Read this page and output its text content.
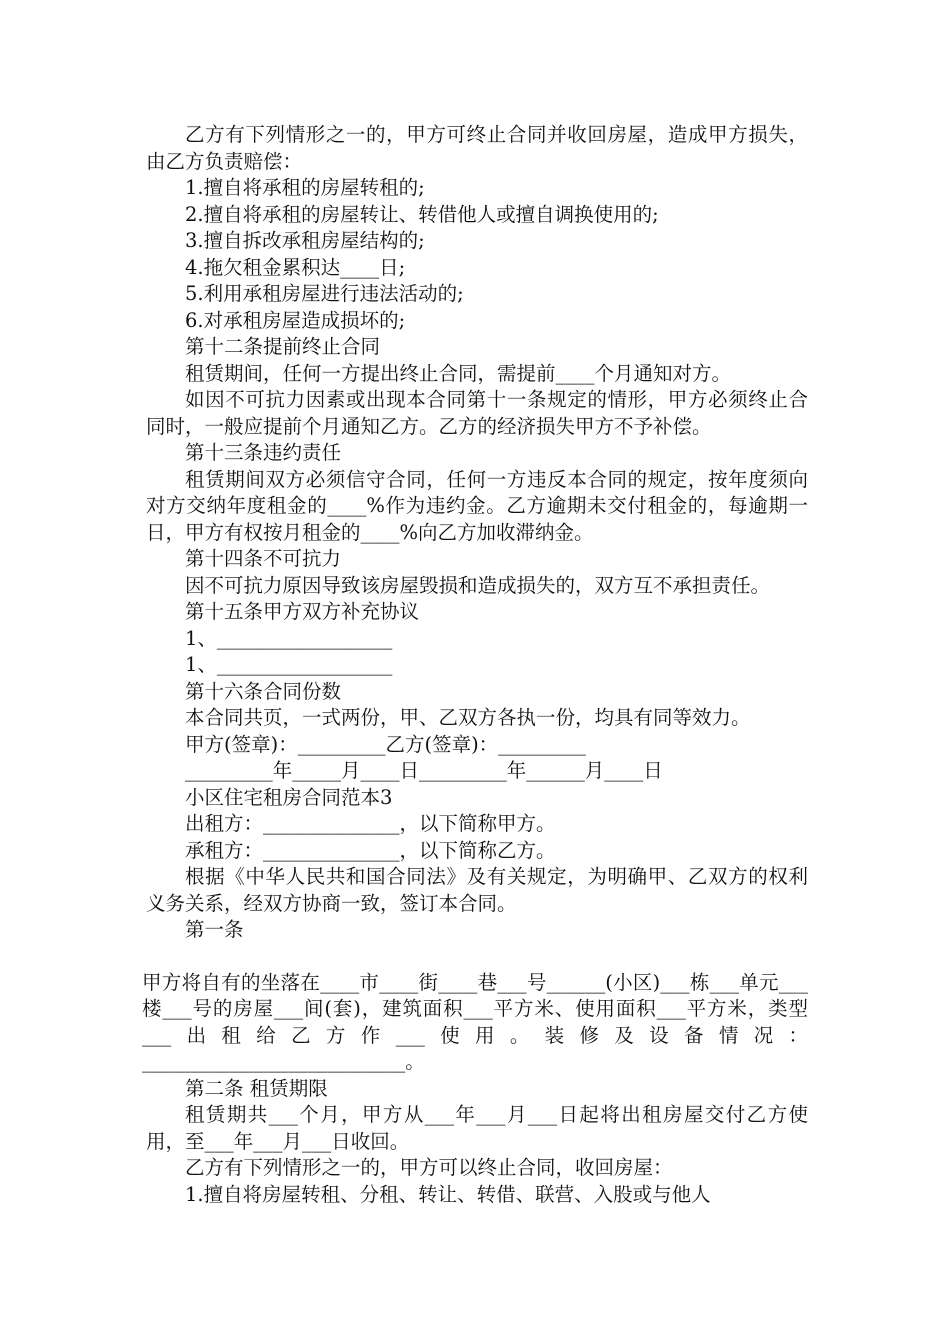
乙方有下列情形之一的，甲方可终止合同并收回房屋，造成甲方损失，由乙方负责赔偿：

1.擅自将承租的房屋转租的;

2.擅自将承租的房屋转让、转借他人或擅自调换使用的;

3.擅自拆改承租房屋结构的;

4.拖欠租金累积达____日;

5.利用承租房屋进行违法活动的;

6.对承租房屋造成损坏的;

第十二条提前终止合同

租赁期间，任何一方提出终止合同，需提前____个月通知对方。

如因不可抗力因素或出现本合同第十一条规定的情形，甲方必须终止合同时，一般应提前个月通知乙方。乙方的经济损失甲方不予补偿。

第十三条违约责任

租赁期间双方必须信守合同，任何一方违反本合同的规定，按年度须向对方交纳年度租金的____%作为违约金。乙方逾期未交付租金的，每逾期一日，甲方有权按月租金的____%向乙方加收滞纳金。

第十四条不可抗力

因不可抗力原因导致该房屋毁损和造成损失的，双方互不承担责任。

第十五条甲方双方补充协议

1、__________________

1、__________________

第十六条合同份数

本合同共页，一式两份，甲、乙双方各执一份，均具有同等效力。

甲方(签章)：_________乙方(签章)：_________

_________年_____月____日_________年______月____日

小区住宅租房合同范本3

出租方：______________，以下简称甲方。

承租方：______________，以下简称乙方。

根据《中华人民共和国合同法》及有关规定，为明确甲、乙双方的权利义务关系，经双方协商一致，签订本合同。

第一条

甲方将自有的坐落在____市____街____巷___号______(小区)___栋___单元___楼___号的房屋___间(套)，建筑面积___平方米、使用面积___平方米，类型___出租给乙方作___使用。装修及设备情况：___________________________。

第二条 租赁期限

租赁期共___个月，甲方从___年___月___日起将出租房屋交付乙方使用，至___年___月___日收回。

乙方有下列情形之一的，甲方可以终止合同，收回房屋：

1.擅自将房屋转租、分租、转让、转借、联营、入股或与他人
